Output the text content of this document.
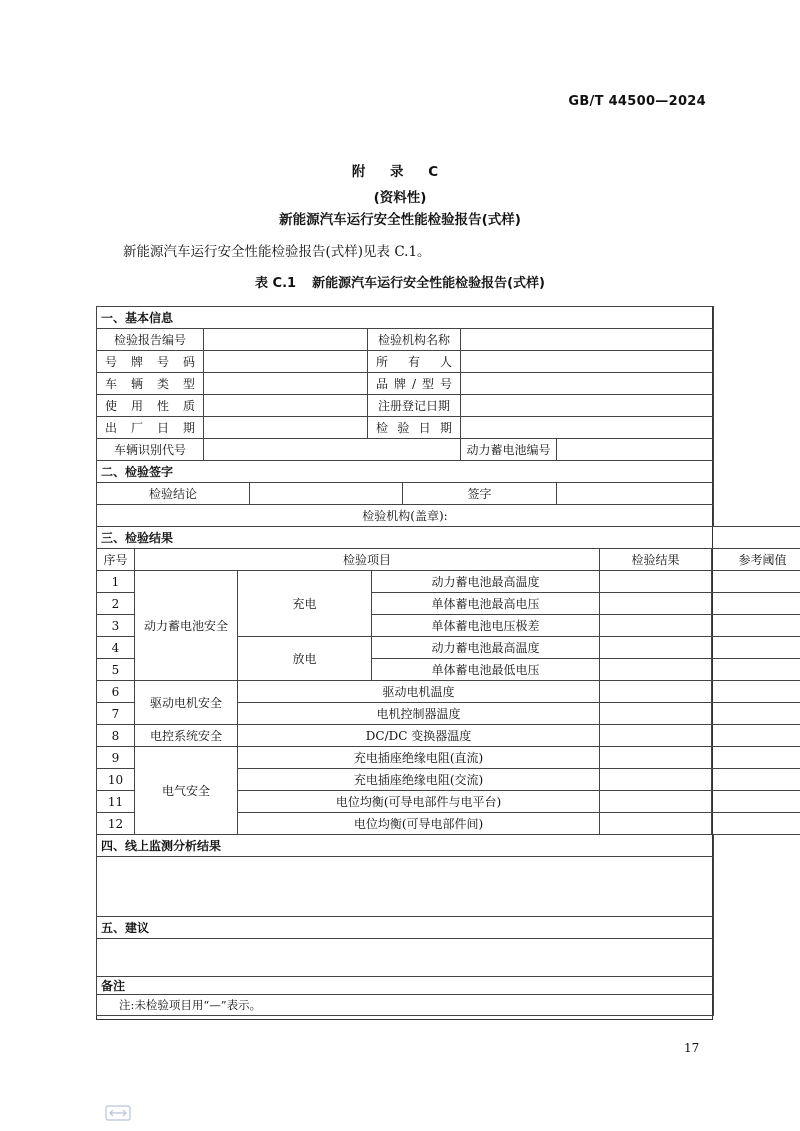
GB/T 44500—2024
附 录 C
(资料性)
新能源汽车运行安全性能检验报告(式样)
新能源汽车运行安全性能检验报告(式样)见表 C.1。
表 C.1 新能源汽车运行安全性能检验报告(式样)
一、基本信息			
检验报告编号		检验机构名称	
号牌号码		所有人	
车辆类型		品牌/型号	
使用性质		注册登记日期	
出厂日期		检验日期	
车辆识别代号		动力蓄电池编号	
二、检验签字
检验结论		签字	
检验机构(盖章):
三、检验结果					
序号	检验项目			检验结果	参考阈值
1	动力蓄电池安全	充电	动力蓄电池最高温度		
2			单体蓄电池最高电压		
3			单体蓄电池电压极差		
4		放电	动力蓄电池最高温度		
5			单体蓄电池最低电压		
6	驱动电机安全	驱动电机温度			
7		电机控制器温度			
8	电控系统安全	DC/DC 变换器温度			
9	电气安全	充电插座绝缘电阻(直流)			
10		充电插座绝缘电阻(交流)			
11		电位均衡(可导电部件与电平台)			
12		电位均衡(可导电部件间)			
四、线上监测分析结果

五、建议

备注
注:未检验项目用“—”表示。
17
